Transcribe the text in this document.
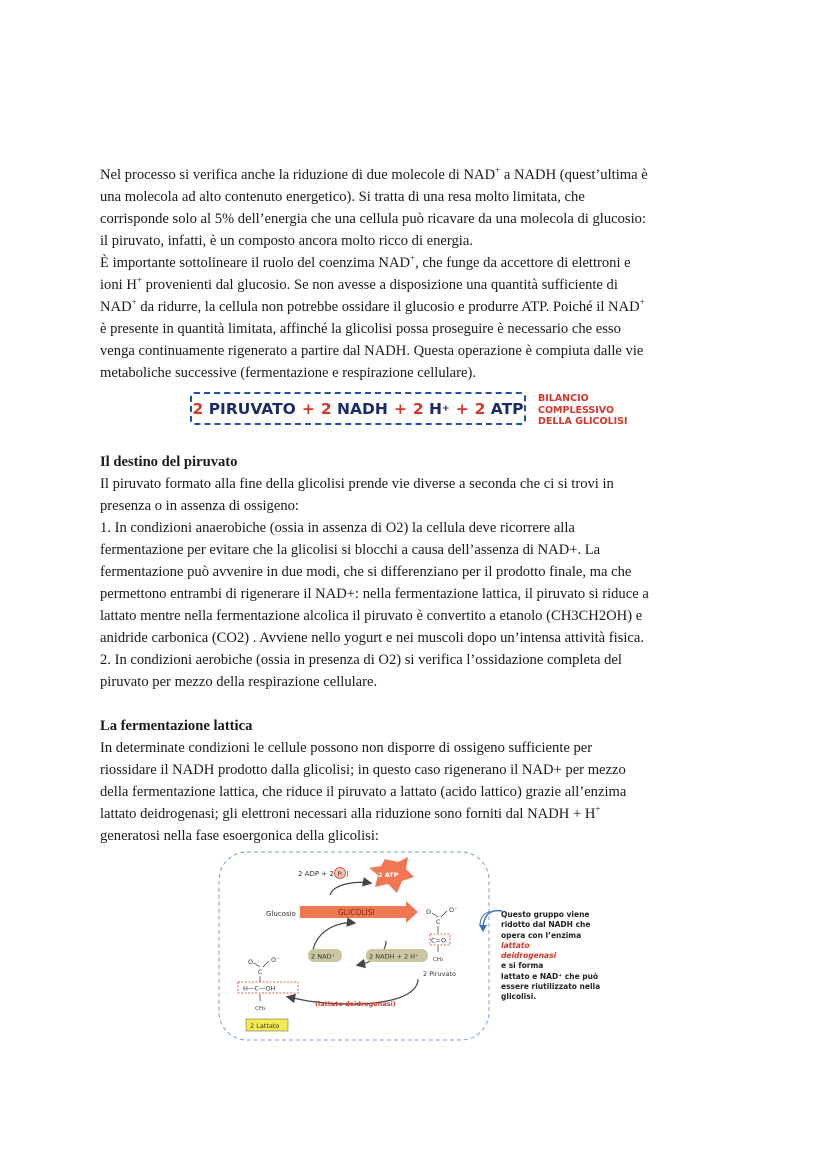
Nel processo si verifica anche la riduzione di due molecole di NAD+ a NADH (quest’ultima è
una molecola ad alto contenuto energetico). Si tratta di una resa molto limitata, che
corrisponde solo al 5% dell’energia che una cellula può ricavare da una molecola di glucosio:
il piruvato, infatti, è un composto ancora molto ricco di energia.
È importante sottolineare il ruolo del coenzima NAD+, che funge da accettore di elettroni e
ioni H+ provenienti dal glucosio. Se non avesse a disposizione una quantità sufficiente di
NAD+ da ridurre, la cellula non potrebbe ossidare il glucosio e produrre ATP. Poiché il NAD+
è presente in quantità limitata, affinché la glicolisi possa proseguire è necessario che esso
venga continuamente rigenerato a partire dal NADH. Questa operazione è compiuta dalle vie
metaboliche successive (fermentazione e respirazione cellulare).
2
PIRUVATO + 2
NADH + 2
H + + 2
ATP
BILANCIO
COMPLESSIVO
DELLA GLICOLISI
Il destino del piruvato
Il piruvato formato alla fine della glicolisi prende vie diverse a seconda che ci si trovi in
presenza o in assenza di ossigeno:
1. In condizioni anaerobiche (ossia in assenza di O2) la cellula deve ricorrere alla
fermentazione per evitare che la glicolisi si blocchi a causa dell’assenza di NAD+. La
fermentazione può avvenire in due modi, che si differenziano per il prodotto finale, ma che
permettono entrambi di rigenerare il NAD+: nella fermentazione lattica, il piruvato si riduce a
lattato mentre nella fermentazione alcolica il piruvato è convertito a etanolo (CH3CH2OH) e
anidride carbonica (CO2) . Avviene nello yogurt e nei muscoli dopo un’intensa attività fisica.
2. In condizioni aerobiche (ossia in presenza di O2) si verifica l’ossidazione completa del
piruvato per mezzo della respirazione cellulare.
La fermentazione lattica
In determinate condizioni le cellule possono non disporre di ossigeno sufficiente per
riossidare il NADH prodotto dalla glicolisi; in questo caso rigenerano il NAD+ per mezzo
della fermentazione lattica, che riduce il piruvato a lattato (acido lattico) grazie all’enzima
lattato deidrogenasi; gli elettroni necessari alla riduzione sono forniti dal NADH + H+
generatosi nella fase esoergonica della glicolisi:
2 ADP + 2 Pi )	2 ATP
Glucosio	GLICOLISI
2 NAD⁺	2 NADH + 2 H⁺
O
C
O⁻
C=O
CH₃
2 Piruvato
O
C
O⁻
H—C—OH
CH₃
(lattato deidrogenasi)
2 Lattato
Questo gruppo viene
ridotto dal NADH che
opera con l’enzima
lattato
deidrogenasi
e si forma
lattato e NAD⁺ che può
essere riutilizzato nella
glicolisi.
